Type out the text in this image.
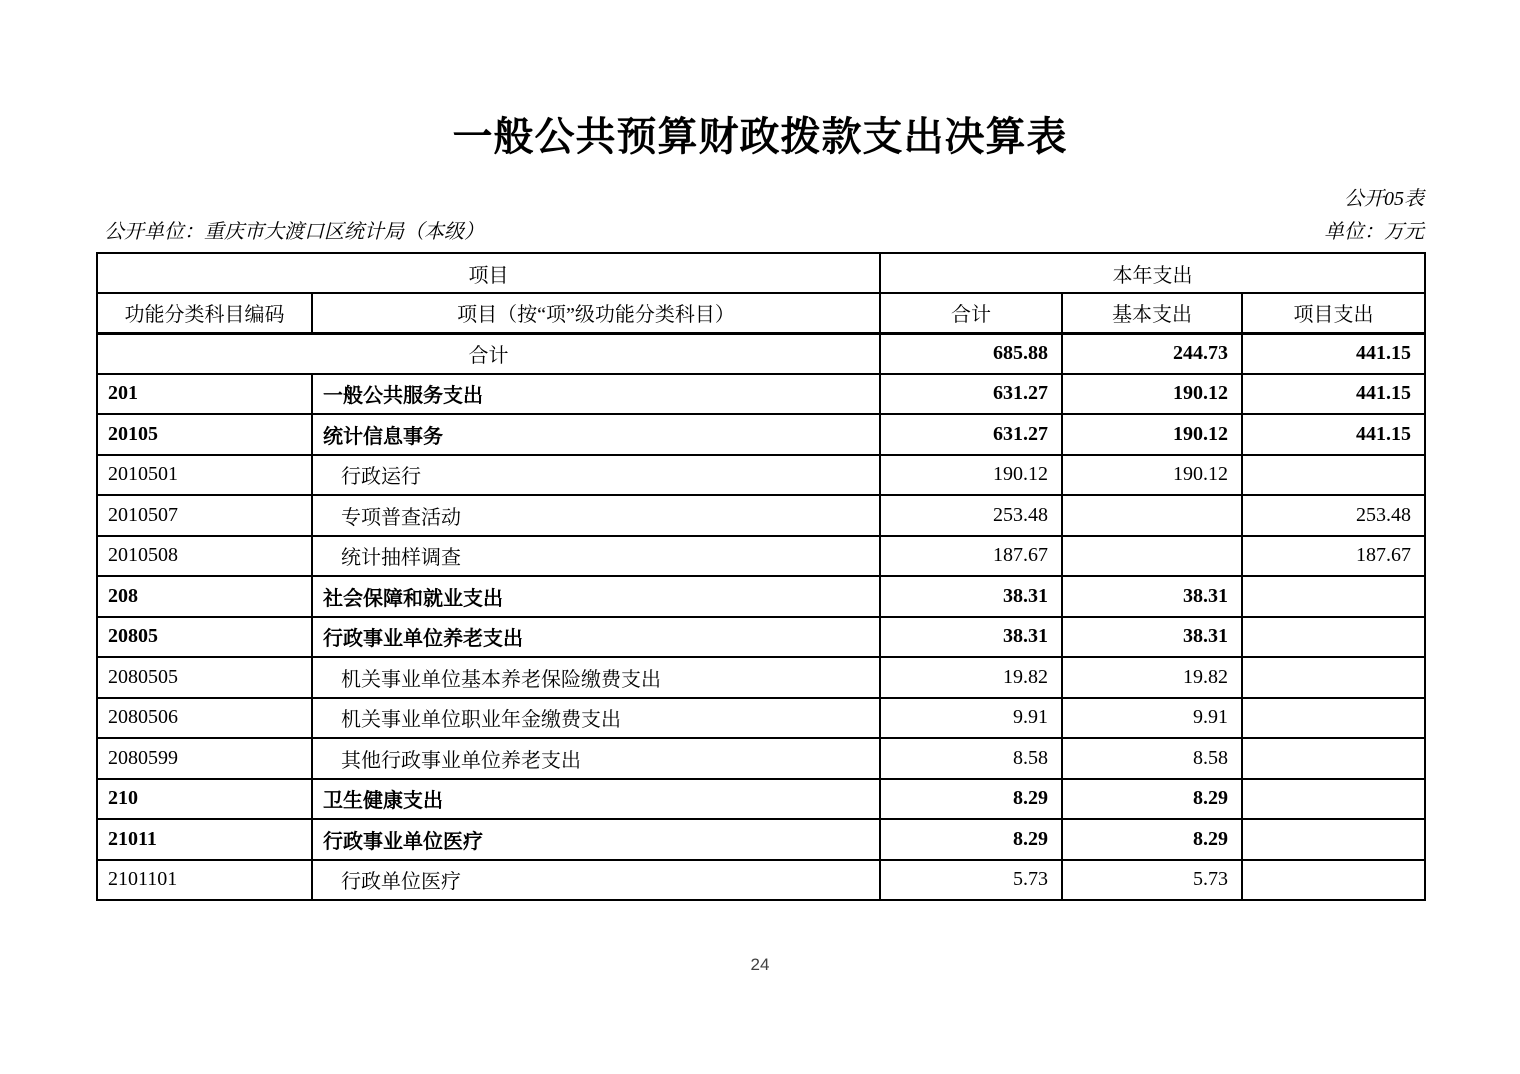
一般公共预算财政拨款支出决算表
公开05表
公开单位：重庆市大渡口区统计局（本级）	单位：万元
项目		本年支出		
功能分类科目编码	项目（按“项”级功能分类科目）	合计	基本支出	项目支出
合计		685.88	244.73	441.15
201	一般公共服务支出	631.27	190.12	441.15
20105	统计信息事务	631.27	190.12	441.15
2010501	行政运行	190.12	190.12	
2010507	专项普查活动	253.48		253.48
2010508	统计抽样调查	187.67		187.67
208	社会保障和就业支出	38.31	38.31	
20805	行政事业单位养老支出	38.31	38.31	
2080505	机关事业单位基本养老保险缴费支出	19.82	19.82	
2080506	机关事业单位职业年金缴费支出	9.91	9.91	
2080599	其他行政事业单位养老支出	8.58	8.58	
210	卫生健康支出	8.29	8.29	
21011	行政事业单位医疗	8.29	8.29	
2101101	行政单位医疗	5.73	5.73	
24
